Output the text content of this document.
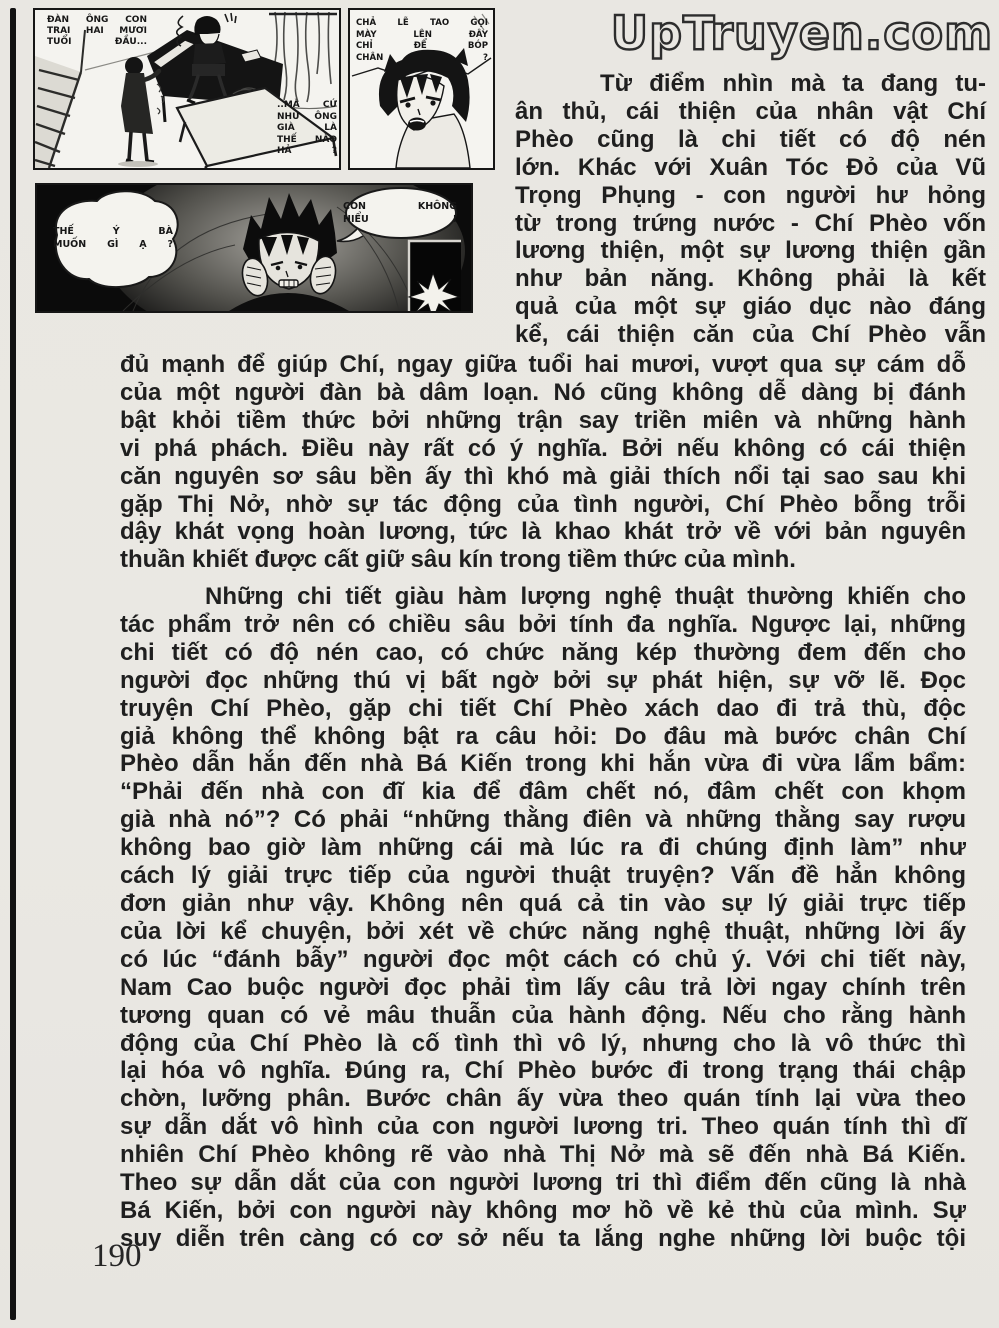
ĐÀN ÔNG CON
TRAI HAI MƯƠI
TUỔI ĐẦU...
..MÀ CỨ
NHƯ ÔNG
GIÀ LÀ
THẾ NÀO
HẢ ?
CHẢ LẼ TAO GỌI
MÀY LÊN ĐÂY
CHỈ ĐỂ BÓP
CHÂN ?
THẾ Ý BÀ
MUỐN GÌ Ạ ?
CON KHÔNG
HIỂU !
UpTruyen.com
Từ điểm nhìn mà ta đang tu-
ân thủ, cái thiện của nhân vật Chí
Phèo cũng là chi tiết có độ nén
lớn. Khác với Xuân Tóc Đỏ của Vũ
Trọng Phụng - con người hư hỏng
từ trong trứng nước - Chí Phèo vốn
lương thiện, một sự lương thiện gần
như bản năng. Không phải là kết
quả của một sự giáo dục nào đáng
kể, cái thiện căn của Chí Phèo vẫn
đủ mạnh để giúp Chí, ngay giữa tuổi hai mươi, vượt qua sự cám dỗ
của một người đàn bà dâm loạn. Nó cũng không dễ dàng bị đánh
bật khỏi tiềm thức bởi những trận say triền miên và những hành
vi phá phách. Điều này rất có ý nghĩa. Bởi nếu không có cái thiện
căn nguyên sơ sâu bền ấy thì khó mà giải thích nổi tại sao sau khi
gặp Thị Nở, nhờ sự tác động của tình người, Chí Phèo bỗng trỗi
dậy khát vọng hoàn lương, tức là khao khát trở về với bản nguyên
thuần khiết được cất giữ sâu kín trong tiềm thức của mình.
Những chi tiết giàu hàm lượng nghệ thuật thường khiến cho
tác phẩm trở nên có chiều sâu bởi tính đa nghĩa. Ngược lại, những
chi tiết có độ nén cao, có chức năng kép thường đem đến cho
người đọc những thú vị bất ngờ bởi sự phát hiện, sự vỡ lẽ. Đọc
truyện Chí Phèo, gặp chi tiết Chí Phèo xách dao đi trả thù, độc
giả không thể không bật ra câu hỏi: Do đâu mà bước chân Chí
Phèo dẫn hắn đến nhà Bá Kiến trong khi hắn vừa đi vừa lẩm bẩm:
“Phải đến nhà con đĩ kia để đâm chết nó, đâm chết con khọm
già nhà nó”? Có phải “những thằng điên và những thằng say rượu
không bao giờ làm những cái mà lúc ra đi chúng định làm” như
cách lý giải trực tiếp của người thuật truyện? Vấn đề hẳn không
đơn giản như vậy. Không nên quá cả tin vào sự lý giải trực tiếp
của lời kể chuyện, bởi xét về chức năng nghệ thuật, những lời ấy
có lúc “đánh bẫy” người đọc một cách có chủ ý. Với chi tiết này,
Nam Cao buộc người đọc phải tìm lấy câu trả lời ngay chính trên
tương quan có vẻ mâu thuẫn của hành động. Nếu cho rằng hành
động của Chí Phèo là cố tình thì vô lý, nhưng cho là vô thức thì
lại hóa vô nghĩa. Đúng ra, Chí Phèo bước đi trong trạng thái chập
chờn, lưỡng phân. Bước chân ấy vừa theo quán tính lại vừa theo
sự dẫn dắt vô hình của con người lương tri. Theo quán tính thì dĩ
nhiên Chí Phèo không rẽ vào nhà Thị Nở mà sẽ đến nhà Bá Kiến.
Theo sự dẫn dắt của con người lương tri thì điểm đến cũng là nhà
Bá Kiến, bởi con người này không mơ hồ về kẻ thù của mình. Sự
suy diễn trên càng có cơ sở nếu ta lắng nghe những lời buộc tội
190
